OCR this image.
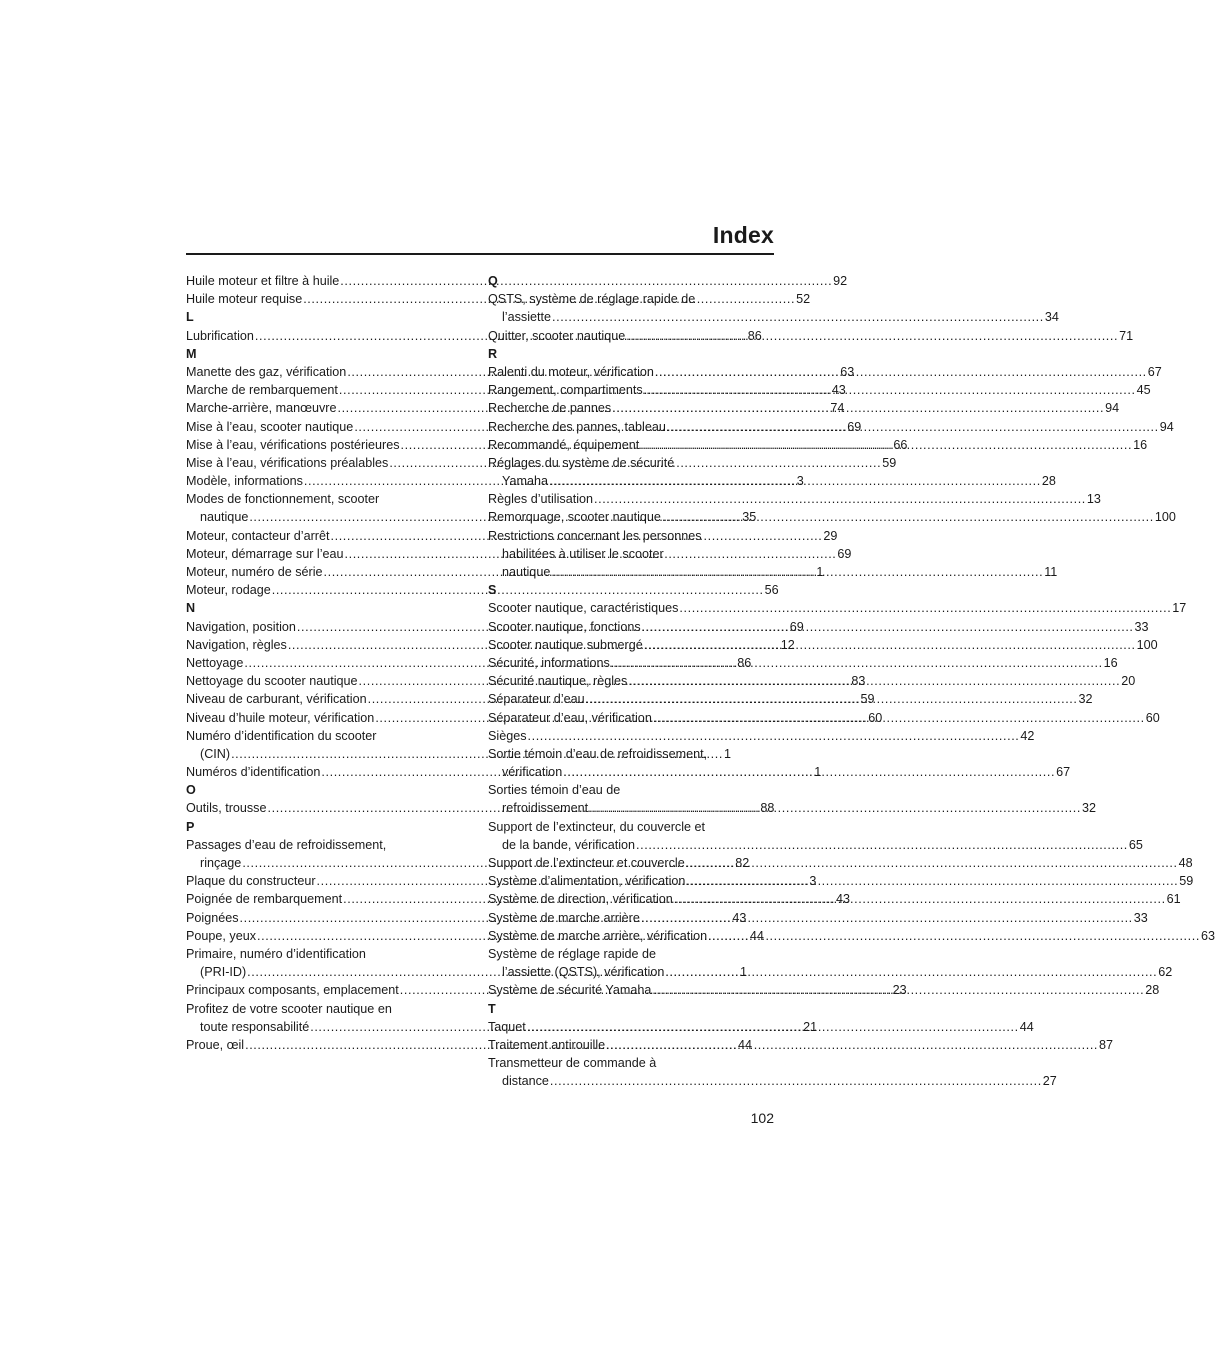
Index
Huile moteur et filtre à huile .....	92
Huile moteur requise .....	52
L
Lubrification .....	86
M
Manette des gaz, vérification .....	63
Marche de rembarquement .....	43
Marche-arrière, manœuvre .....	74
Mise à l’eau, scooter nautique .....	69
Mise à l’eau, vérifications postérieures .....	66
Mise à l’eau, vérifications préalables .....	59
Modèle, informations .....	3
Modes de fonctionnement, scooter
nautique .....	35
Moteur, contacteur d’arrêt .....	29
Moteur, démarrage sur l’eau .....	69
Moteur, numéro de série .....	1
Moteur, rodage .....	56
N
Navigation, position .....	69
Navigation, règles .....	12
Nettoyage .....	86
Nettoyage du scooter nautique .....	83
Niveau de carburant, vérification .....	59
Niveau d’huile moteur, vérification .....	60
Numéro d’identification du scooter
(CIN) .....	1
Numéros d’identification .....	1
O
Outils, trousse .....	88
P
Passages d’eau de refroidissement,
rinçage .....	82
Plaque du constructeur .....	3
Poignée de rembarquement .....	43
Poignées .....	43
Poupe, yeux .....	44
Primaire, numéro d’identification
(PRI-ID) .....	1
Principaux composants, emplacement .....	23
Profitez de votre scooter nautique en
toute responsabilité .....	21
Proue, œil .....	44
Q
QSTS, système de réglage rapide de
l’assiette .....	34
Quitter, scooter nautique .....	71
R
Ralenti du moteur, vérification .....	67
Rangement, compartiments .....	45
Recherche de pannes .....	94
Recherche des pannes, tableau .....	94
Recommandé, équipement .....	16
Réglages du système de sécurité
Yamaha .....	28
Règles d’utilisation .....	13
Remorquage, scooter nautique .....	100
Restrictions concernant les personnes
habilitées à utiliser le scooter
nautique .....	11
S
Scooter nautique, caractéristiques .....	17
Scooter nautique, fonctions .....	33
Scooter nautique submergé .....	100
Sécurité, informations .....	16
Sécurité nautique, règles .....	20
Séparateur d’eau .....	32
Séparateur d’eau, vérification .....	60
Sièges .....	42
Sortie témoin d’eau de refroidissement,
vérification .....	67
Sorties témoin d’eau de
refroidissement .....	32
Support de l’extincteur, du couvercle et
de la bande, vérification .....	65
Support de l’extincteur et couvercle .....	48
Système d’alimentation, vérification .....	59
Système de direction, vérification .....	61
Système de marche arrière .....	33
Système de marche arrière, vérification .....	63
Système de réglage rapide de
l’assiette (QSTS), vérification .....	62
Système de sécurité Yamaha .....	28
T
Taquet .....	44
Traitement antirouille .....	87
Transmetteur de commande à
distance .....	27
102
